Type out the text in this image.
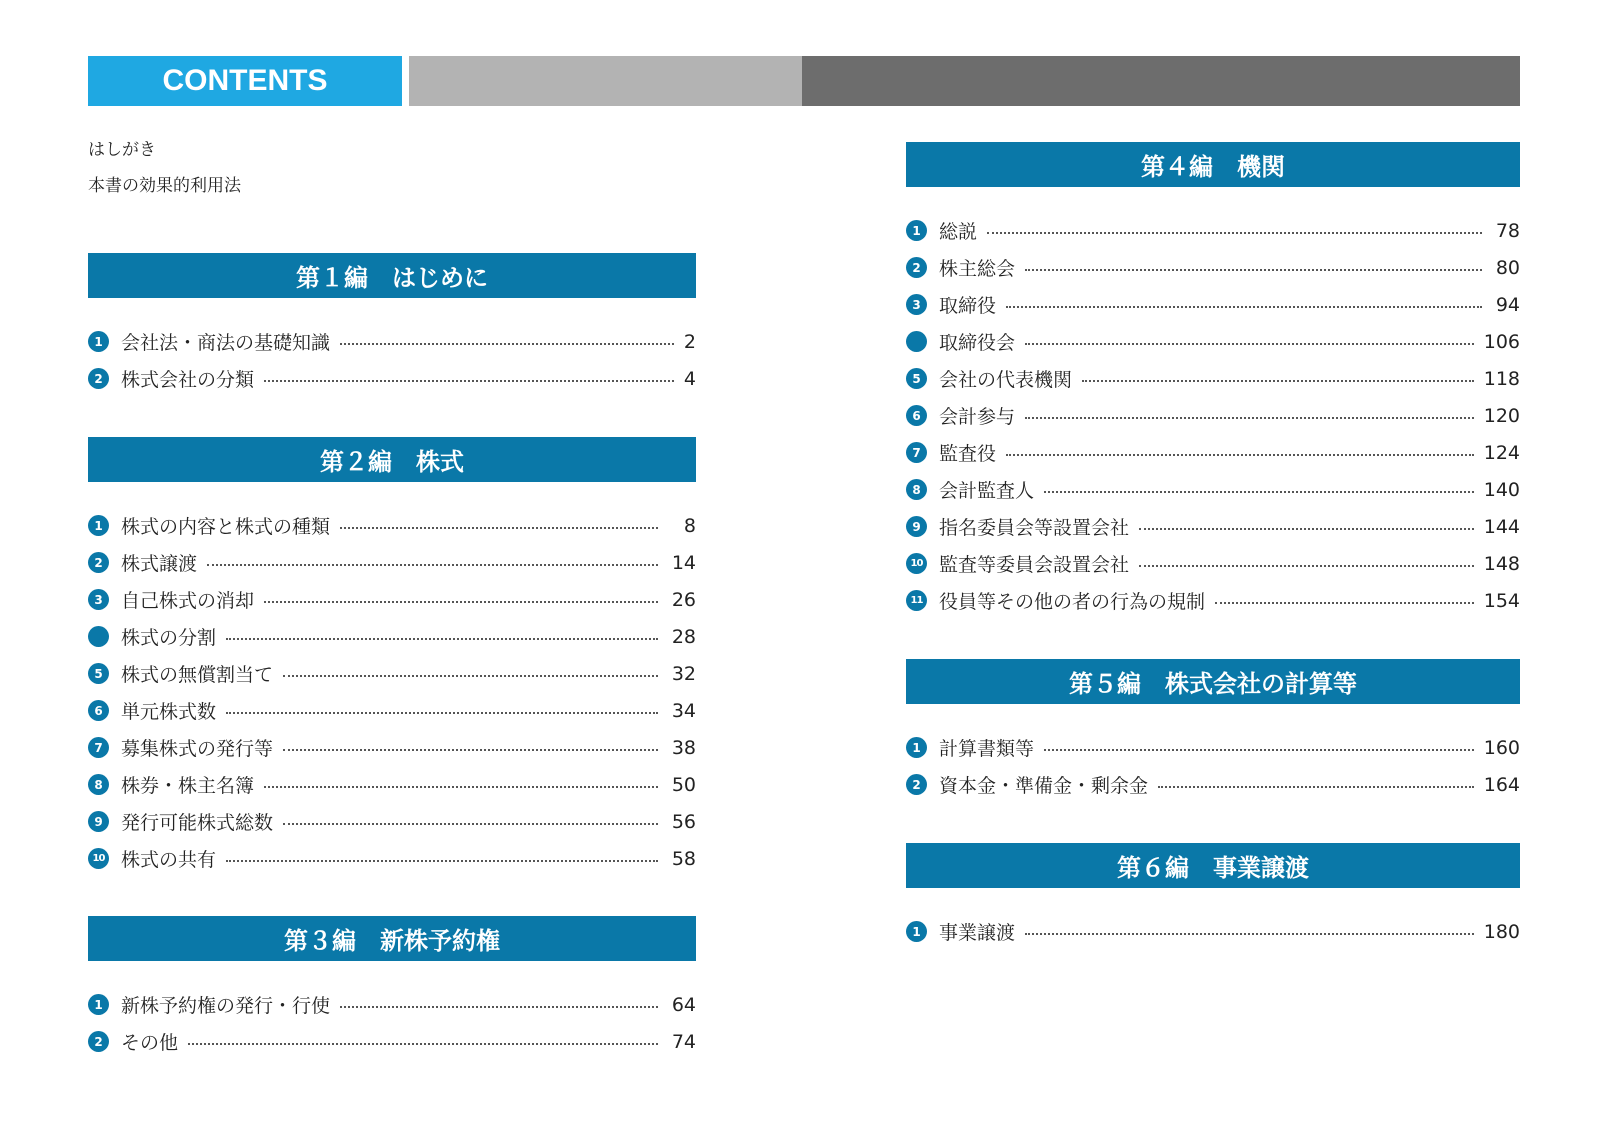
CONTENTS
はしがき
本書の効果的利用法
第１編　はじめに
1 会社法・商法の基礎知識	2
2 株式会社の分類	4
第２編　株式
1 株式の内容と株式の種類	8
2 株式譲渡	14
3 自己株式の消却	26
株式の分割	28
5 株式の無償割当て	32
6 単元株式数	34
7 募集株式の発行等	38
8 株券・株主名簿	50
9 発行可能株式総数	56
10 株式の共有	58
第３編　新株予約権
1 新株予約権の発行・行使	64
2 その他	74
第４編　機関
1 総説	78
2 株主総会	80
3 取締役	94
取締役会	106
5 会社の代表機関	118
6 会計参与	120
7 監査役	124
8 会計監査人	140
9 指名委員会等設置会社	144
10 監査等委員会設置会社	148
11 役員等その他の者の行為の規制	154
第５編　株式会社の計算等
1 計算書類等	160
2 資本金・準備金・剰余金	164
第６編　事業譲渡
1 事業譲渡	180
